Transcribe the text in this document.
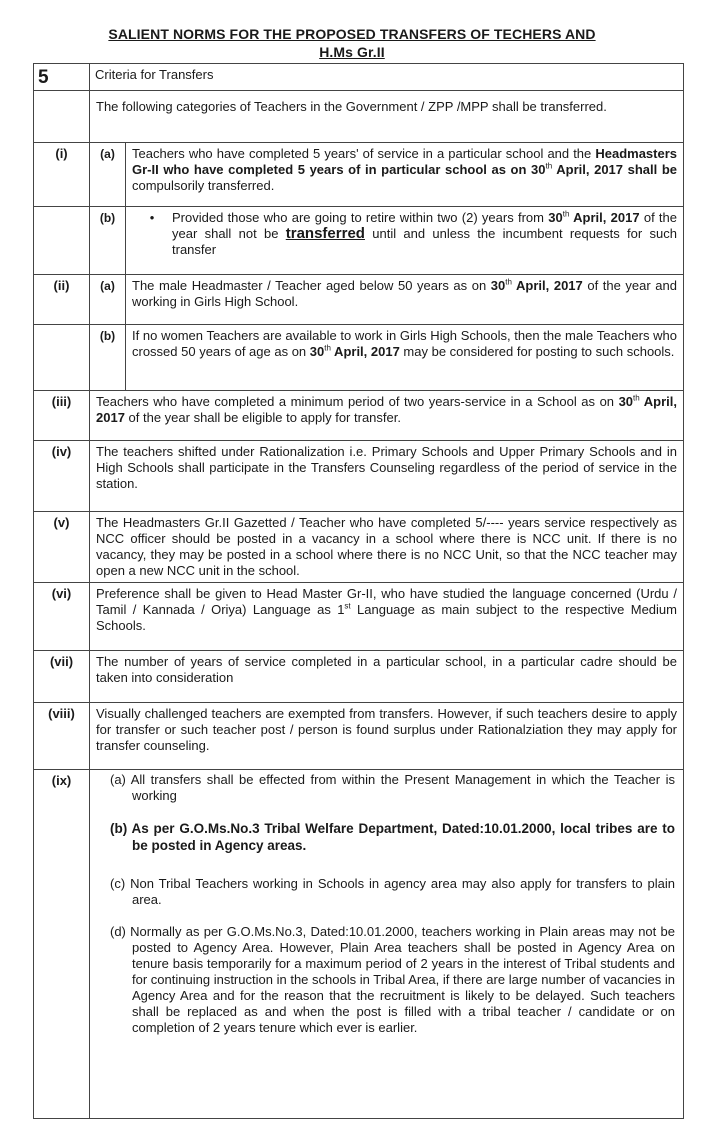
SALIENT NORMS FOR THE PROPOSED TRANSFERS OF TECHERS AND
H.Ms Gr.II
5	Criteria for Transfers	
	The following categories of Teachers in the Government / ZPP /MPP shall be transferred.	
(i)	(a)	Teachers who have completed 5 years' of service in a particular school and the Headmasters Gr-II who have completed 5 years of in particular school as on 30th April, 2017 shall be compulsorily transferred.
	(b)	• Provided those who are going to retire within two (2) years from 30th April, 2017 of the year shall not be transferred until and unless the incumbent requests for such transfer

(ii)	(a)	The male Headmaster / Teacher aged below 50 years as on 30th April, 2017 of the year and working in Girls High School.
	(b)	If no women Teachers are available to work in Girls High Schools, then the male Teachers who crossed 50 years of age as on 30th April, 2017 may be considered for posting to such schools.
(iii)	Teachers who have completed a minimum period of two years-service in a School as on 30th April, 2017 of the year shall be eligible to apply for transfer.	
(iv)	The teachers shifted under Rationalization i.e. Primary Schools and Upper Primary Schools and in High Schools shall participate in the Transfers Counseling regardless of the period of service in the station.	
(v)	The Headmasters Gr.II Gazetted / Teacher who have completed 5/---- years service respectively as NCC officer should be posted in a vacancy in a school where there is NCC unit. If there is no vacancy, they may be posted in a school where there is no NCC Unit, so that the NCC teacher may open a new NCC unit in the school.	
(vi)	Preference shall be given to Head Master Gr-II, who have studied the language concerned (Urdu / Tamil / Kannada / Oriya) Language as 1st Language as main subject to the respective Medium Schools.	
(vii)	The number of years of service completed in a particular school, in a particular cadre should be taken into consideration	
(viii)	Visually challenged teachers are exempted from transfers. However, if such teachers desire to apply for transfer or such teacher post / person is found surplus under Rationalziation they may apply for transfer counseling.	
(ix)	(a) All transfers shall be effected from within the Present Management in which the Teacher is working

(b) As per G.O.Ms.No.3 Tribal Welfare Department, Dated:10.01.2000, local tribes are to be posted in Agency areas.

(c) Non Tribal Teachers working in Schools in agency area may also apply for transfers to plain area.

(d) Normally as per G.O.Ms.No.3, Dated:10.01.2000, teachers working in Plain areas may not be posted to Agency Area. However, Plain Area teachers shall be posted in Agency Area on tenure basis temporarily for a maximum period of 2 years in the interest of Tribal students and for continuing instruction in the schools in Tribal Area, if there are large number of vacancies in Agency Area and for the reason that the recruitment is likely to be delayed. Such teachers shall be replaced as and when the post is filled with a tribal teacher / candidate or on completion of 2 years tenure which ever is earlier.	
